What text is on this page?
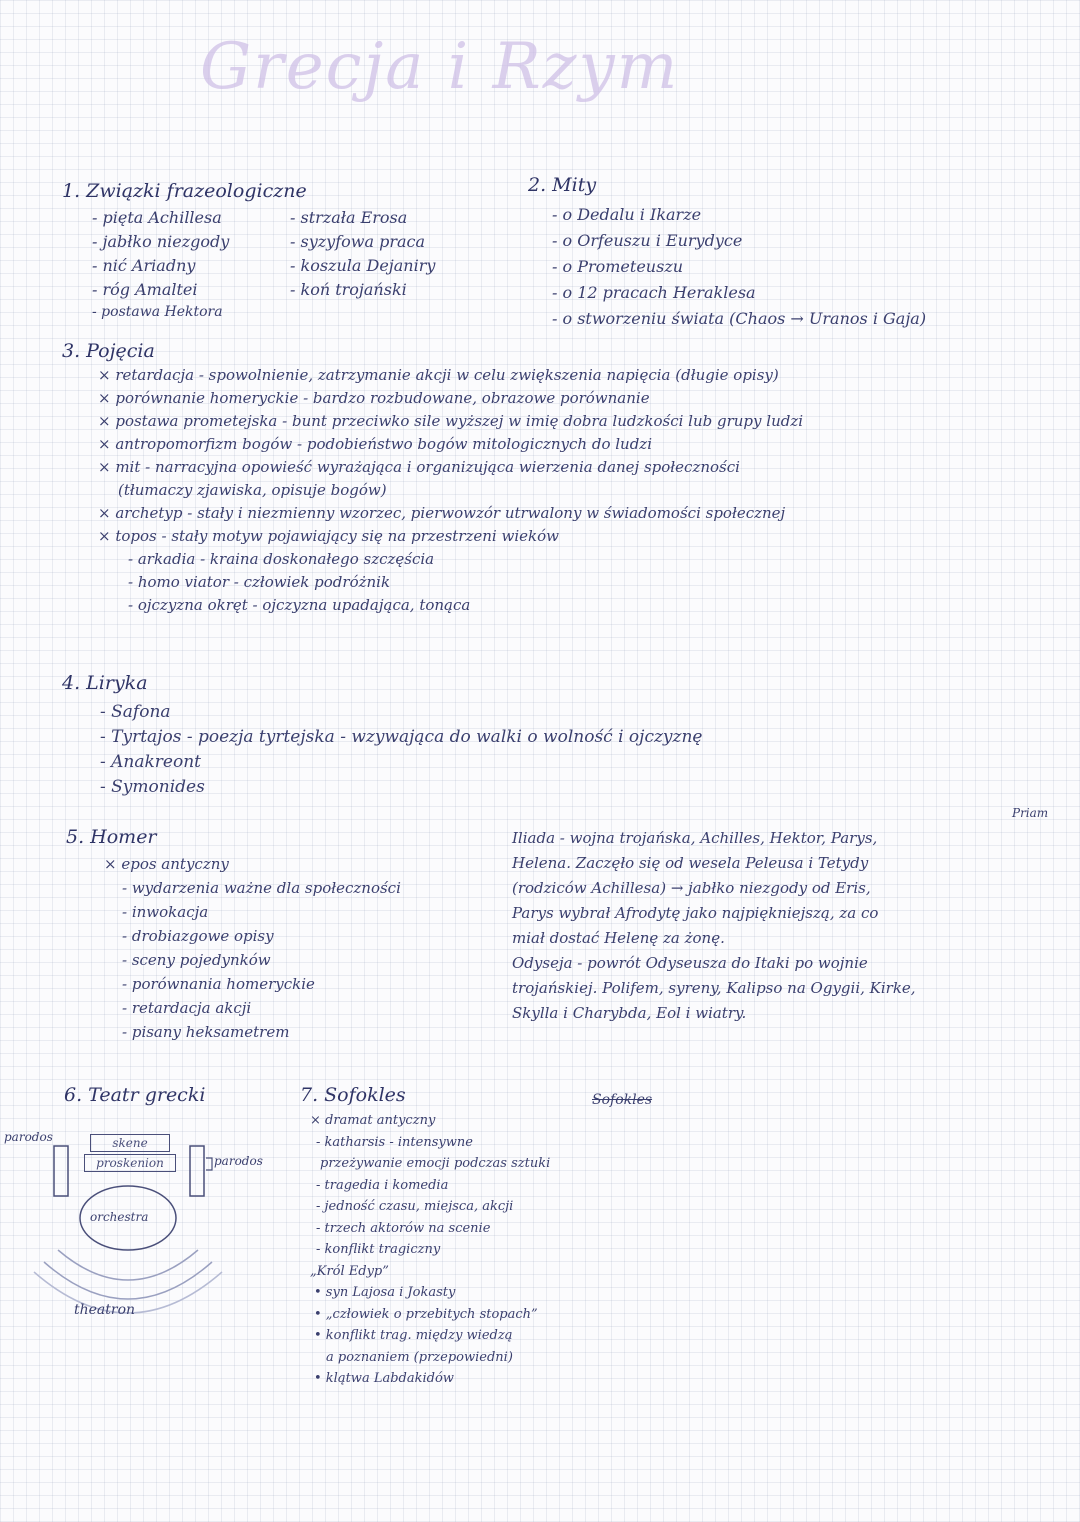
Grecja i Rzym
1. Związki frazeologiczne
- pięta Achillesa
- jabłko niezgody
- nić Ariadny
- róg Amaltei
- postawa Hektora
- strzała Erosa
- syzyfowa praca
- koszula Dejaniry
- koń trojański
2. Mity
- o Dedalu i Ikarze
- o Orfeuszu i Eurydyce
- o Prometeuszu
- o 12 pracach Heraklesa
- o stworzeniu świata (Chaos → Uranos i Gaja)
3. Pojęcia
× retardacja - spowolnienie, zatrzymanie akcji w celu zwiększenia napięcia (długie opisy)
× porównanie homeryckie - bardzo rozbudowane, obrazowe porównanie
× postawa prometejska - bunt przeciwko sile wyższej w imię dobra ludzkości lub grupy ludzi
× antropomorfizm bogów - podobieństwo bogów mitologicznych do ludzi
× mit - narracyjna opowieść wyrażająca i organizująca wierzenia danej społeczności
(tłumaczy zjawiska, opisuje bogów)
× archetyp - stały i niezmienny wzorzec, pierwowzór utrwalony w świadomości społecznej
× topos - stały motyw pojawiający się na przestrzeni wieków
- arkadia - kraina doskonałego szczęścia
- homo viator - człowiek podróżnik
- ojczyzna okręt - ojczyzna upadająca, tonąca
4. Liryka
- Safona
- Tyrtajos - poezja tyrtejska - wzywająca do walki o wolność i ojczyznę
- Anakreont
- Symonides
5. Homer
× epos antyczny
- wydarzenia ważne dla społeczności
- inwokacja
- drobiazgowe opisy
- sceny pojedynków
- porównania homeryckie
- retardacja akcji
- pisany heksametrem
Priam
Iliada - wojna trojańska, Achilles, Hektor, Parys,
Helena. Zaczęło się od wesela Peleusa i Tetydy
(rodziców Achillesa) → jabłko niezgody od Eris,
Parys wybrał Afrodytę jako najpiękniejszą, za co
miał dostać Helenę za żonę.
Odyseja - powrót Odyseusza do Itaki po wojnie
trojańskiej. Polifem, syreny, Kalipso na Ogygii, Kirke,
Skylla i Charybda, Eol i wiatry.
6. Teatr grecki
parodos	skene
proskenion	parodos
orchestra
theatron
7. Sofokles
× dramat antyczny
- katharsis - intensywne
przeżywanie emocji podczas sztuki
- tragedia i komedia
- jedność czasu, miejsca, akcji
- trzech aktorów na scenie
- konflikt tragiczny
„Król Edyp”
• syn Lajosa i Jokasty
• „człowiek o przebitych stopach”
• konflikt trag. między wiedzą
a poznaniem (przepowiedni)
• klątwa Labdakidów
Sofokles
